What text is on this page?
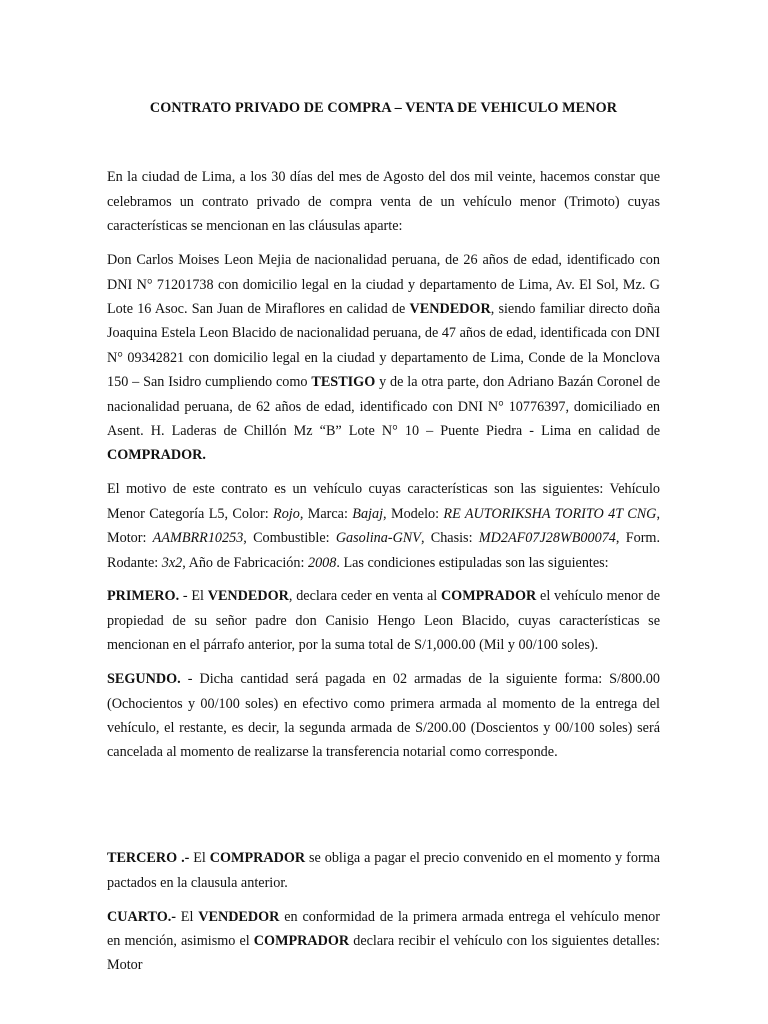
CONTRATO PRIVADO DE COMPRA – VENTA DE VEHICULO MENOR

En la ciudad de Lima, a los 30 días del mes de Agosto del dos mil veinte, hacemos constar que celebramos un contrato privado de compra venta de un vehículo menor (Trimoto) cuyas características se mencionan en las cláusulas aparte:

Don Carlos Moises Leon Mejia de nacionalidad peruana, de 26 años de edad, identificado con DNI N° 71201738 con domicilio legal en la ciudad y departamento de Lima, Av. El Sol, Mz. G Lote 16 Asoc. San Juan de Miraflores en calidad de VENDEDOR, siendo familiar directo doña Joaquina Estela Leon Blacido de nacionalidad peruana, de 47 años de edad, identificada con DNI N° 09342821 con domicilio legal en la ciudad y departamento de Lima, Conde de la Monclova 150 – San Isidro cumpliendo como TESTIGO y de la otra parte, don Adriano Bazán Coronel de nacionalidad peruana, de 62 años de edad, identificado con DNI N° 10776397, domiciliado en Asent. H. Laderas de Chillón Mz “B” Lote N° 10 – Puente Piedra - Lima en calidad de COMPRADOR.

El motivo de este contrato es un vehículo cuyas características son las siguientes: Vehículo Menor Categoría L5, Color: Rojo, Marca: Bajaj, Modelo: RE AUTORIKSHA TORITO 4T CNG, Motor: AAMBRR10253, Combustible: Gasolina-GNV, Chasis: MD2AF07J28WB00074, Form. Rodante: 3x2, Año de Fabricación: 2008. Las condiciones estipuladas son las siguientes:

PRIMERO. - El VENDEDOR, declara ceder en venta al COMPRADOR el vehículo menor de propiedad de su señor padre don Canisio Hengo Leon Blacido, cuyas características se mencionan en el párrafo anterior, por la suma total de S/1,000.00 (Mil y 00/100 soles).

SEGUNDO. - Dicha cantidad será pagada en 02 armadas de la siguiente forma: S/800.00 (Ochocientos y 00/100 soles) en efectivo como primera armada al momento de la entrega del vehículo, el restante, es decir, la segunda armada de S/200.00 (Doscientos y 00/100 soles) será cancelada al momento de realizarse la transferencia notarial como corresponde.

TERCERO .- El COMPRADOR se obliga a pagar el precio convenido en el momento y forma pactados en la clausula anterior.

CUARTO.- El VENDEDOR en conformidad de la primera armada entrega el vehículo menor en mención, asimismo el COMPRADOR declara recibir el vehículo con los siguientes detalles: Motor
